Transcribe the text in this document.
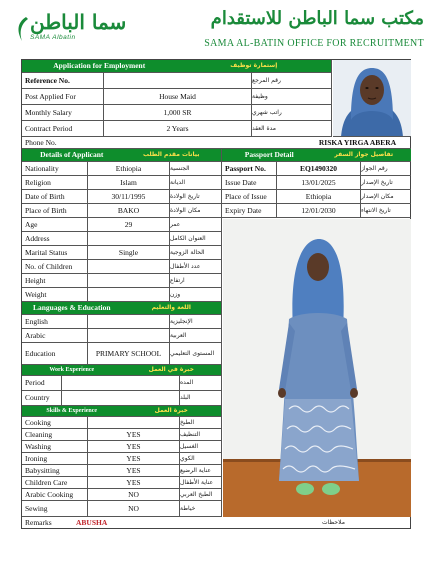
سما الباطن
SAMA Albatin
مكتب سما الباطن للاستقدام
SAMA AL-BATIN OFFICE FOR RECRUITMENT
Application for Employment	إستمارة توظيف
Reference No.	رقم المرجع
Post Applied For	House Maid	وظيفة
Monthly Salary	1,000 SR	راتب شهري
Contract Period	2 Years	مدة العقد
Phone No.	RISKA YIRGA ABERA
Details of Applicant	بيانات مقدم الطلب	Passport Detail	تفاصيل جواز السفر
Nationality	Ethiopia	الجنسية
Religion	Islam	الديانة
Date of Birth	30/11/1995	تاريخ الولادة
Place of Birth	BAKO	مكان الولادة
Age	29	عمر
Address	العنوان الكامل
Marital Status	Single	الحالة الزوجية
No. of Children	عدد الأطفال
Height	ارتفاع
Weight	وزن
Passport No.	EQ1490320	رقم الجواز
Issue Date	13/01/2025	تاريخ الإصدار
Place of Issue	Ethiopia	مكان الإصدار
Expiry Date	12/01/2030	تاريخ الانتهاء
Languages & Education	اللغة والتعليم
English	الإنجليزية
Arabic	العربية
Education	PRIMARY SCHOOL	المستوى التعليمي
Work Experience	خبرة في العمل
Period	المده
Country	البلد
Skills & Experience	خبرة العمل
Cooking	الطبخ
Cleaning	YES	التنظيف
Washing	YES	الغسيل
Ironing	YES	الكوي
Babysitting	YES	عناية الرضيع
Children Care	YES	عناية الأطفال
Arabic Cooking	NO	الطبخ العربي
Sewing	NO	خياطة
Remarks	ABUSHA	ملاحظات
